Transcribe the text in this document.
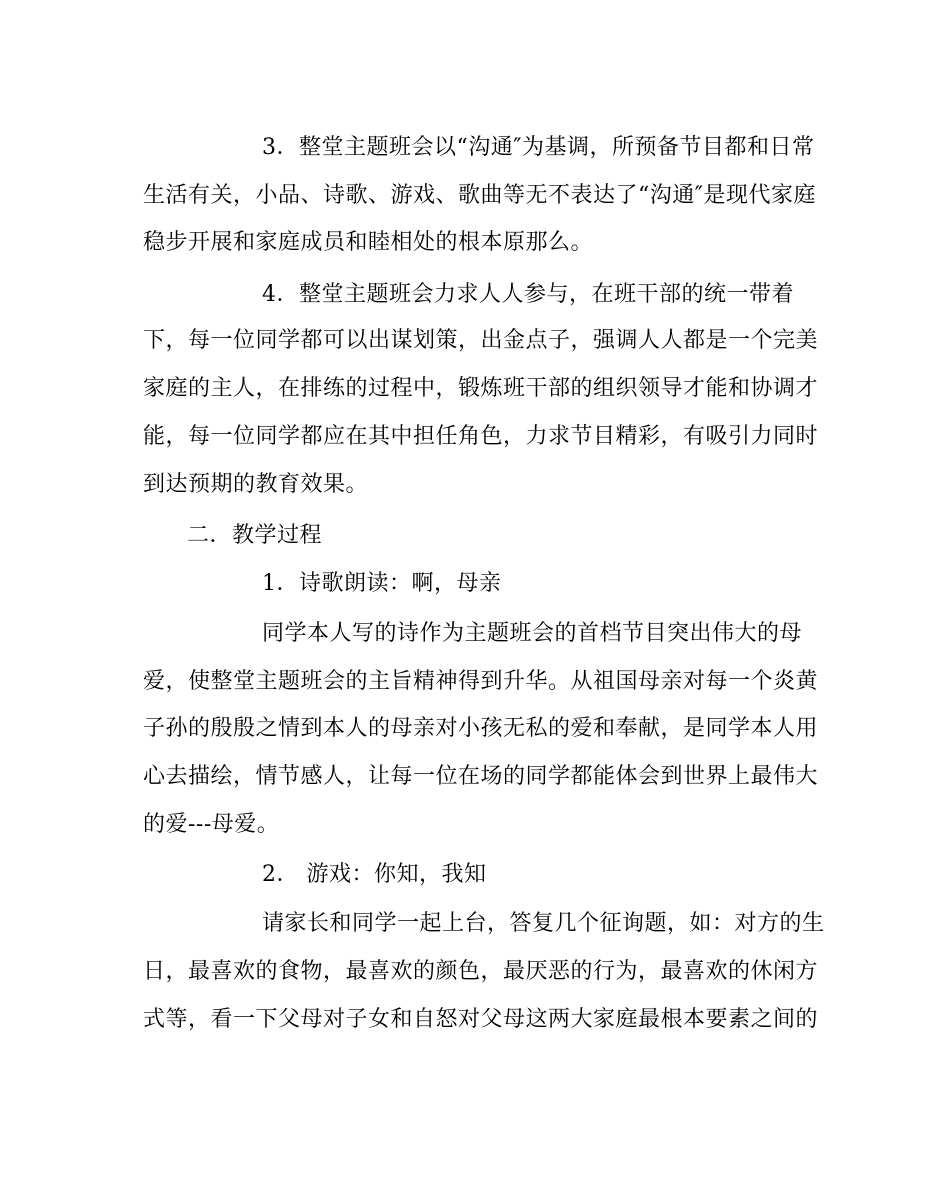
3．整堂主题班会以“沟通″为基调，所预备节目都和日常
生活有关，小品、诗歌、游戏、歌曲等无不表达了“沟通″是现代家庭
稳步开展和家庭成员和睦相处的根本原那么。
4．整堂主题班会力求人人参与，在班干部的统一带着
下，每一位同学都可以出谋划策，出金点子，强调人人都是一个完美
家庭的主人，在排练的过程中，锻炼班干部的组织领导才能和协调才
能，每一位同学都应在其中担任角色，力求节目精彩，有吸引力同时
到达预期的教育效果。
二．教学过程
1．诗歌朗读：啊，母亲
同学本人写的诗作为主题班会的首档节目突出伟大的母
爱，使整堂主题班会的主旨精神得到升华。从祖国母亲对每一个炎黄
子孙的殷殷之情到本人的母亲对小孩无私的爱和奉献，是同学本人用
心去描绘，情节感人，让每一位在场的同学都能体会到世界上最伟大
的爱---母爱。
2． 游戏：你知，我知
请家长和同学一起上台，答复几个征询题，如：对方的生
日，最喜欢的食物，最喜欢的颜色，最厌恶的行为，最喜欢的休闲方
式等，看一下父母对子女和自怒对父母这两大家庭最根本要素之间的
